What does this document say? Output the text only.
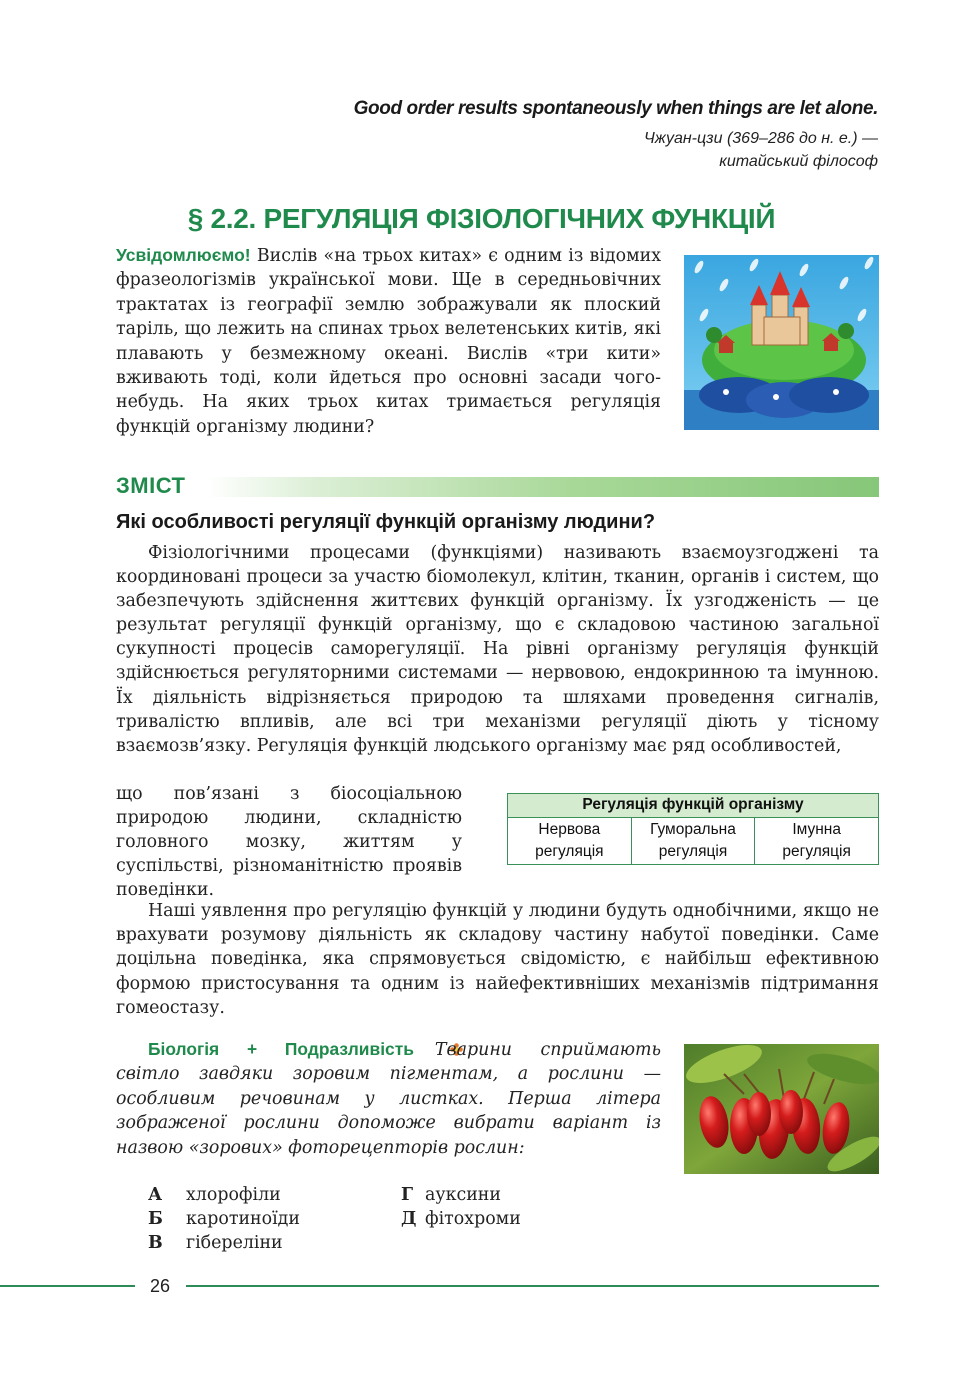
Good order results spontaneously when things are let alone.
Чжуан-цзи (369–286 до н. е.) —
китайський філософ
§ 2.2. РЕГУЛЯЦІЯ ФІЗІОЛОГІЧНИХ ФУНКЦІЙ
Усвідомлюємо! Вислів «на трьох китах» є одним із відомих фразеологізмів української мови. Ще в середньовічних трактатах із географії землю зображували як плоский таріль, що лежить на спинах трьох велетенських китів, які плавають у безмежному океані. Вислів «три кити» вживають тоді, коли йдеться про основні засади чого-небудь. На яких трьох китах тримається регуляція функцій організму людини?
ЗМІСТ
Які особливості регуляції функцій організму людини?
Фізіологічними процесами (функціями) називають взаємоузгоджені та координовані процеси за участю біомолекул, клітин, тканин, органів і систем, що забезпечують здійснення життєвих функцій організму. Їх узгодженість — це результат регуляції функцій організму, що є складовою частиною загальної сукупності процесів саморегуляції. На рівні організму регуляція функцій здійснюється регуляторними системами — нервовою, ендокринною та імунною. Їх діяльність відрізняється природою та шляхами проведення сигналів, тривалістю впливів, але всі три механізми регуляції діють у тісному взаємозв’язку. Регуляція функцій людського організму має ряд особливостей,
що пов’язані з біосоціальною природою людини, складністю головного мозку, життям у суспільстві, різноманітністю проявів поведінки.
Регуляція функцій організму
Нервова регуляція	Гуморальна регуляція	Імунна регуляція
Наші уявлення про регуляцію функцій у людини будуть однобічними, якщо не врахувати розумову діяльність як складову частину набутої поведінки. Саме доцільна поведінка, яка спрямовується свідомістю, є найбільш ефективною формою пристосування та одним із найефективніших механізмів підтримання гомеостазу.
Біологія + Подразливість Тварини сприймають світло завдяки зоровим пігментам, а рослини — особливим речовинам у листках. Перша літера зображеної рослини допоможе вибрати варіант із назвою «зорових» фоторецепторів рослин:
А хлорофіли
Б каротиноїди
В гібереліни
Г ауксини
Д фітохроми
26
